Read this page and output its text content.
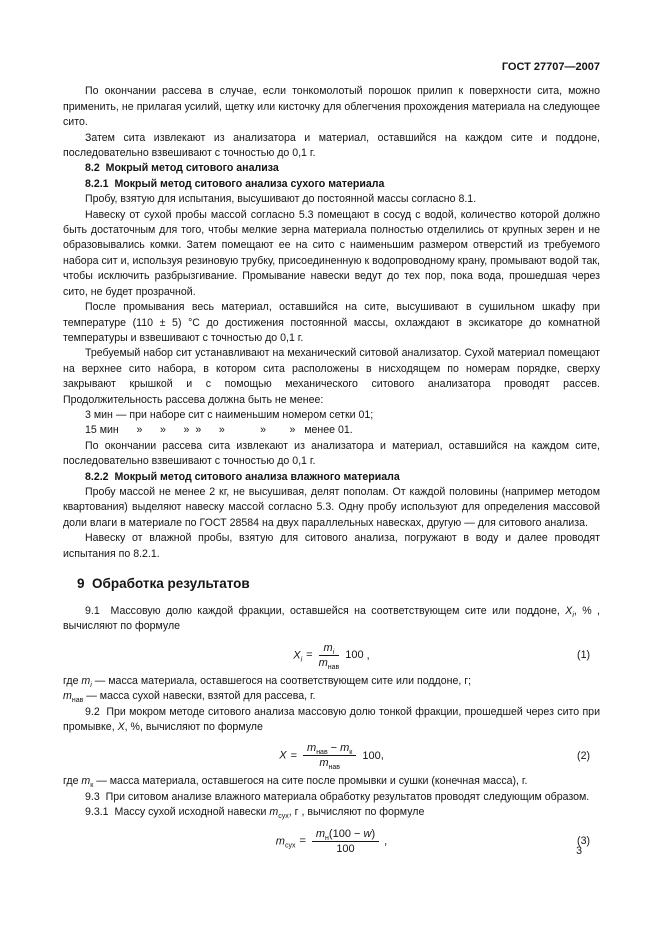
ГОСТ 27707—2007

По окончании рассева в случае, если тонкомолотый порошок прилип к поверхности сита, можно применить, не прилагая усилий, щетку или кисточку для облегчения прохождения материала на следующее сито.

Затем сита извлекают из анализатора и материал, оставшийся на каждом сите и поддоне, последовательно взвешивают с точностью до 0,1 г.

8.2  Мокрый метод ситового анализа

8.2.1  Мокрый метод ситового анализа сухого материала

Пробу, взятую для испытания, высушивают до постоянной массы согласно 8.1.

Навеску от сухой пробы массой согласно 5.3 помещают в сосуд с водой, количество которой должно быть достаточным для того, чтобы мелкие зерна материала полностью отделились от крупных зерен и не образовывались комки. Затем помещают ее на сито с наименьшим размером отверстий из требуемого набора сит и, используя резиновую трубку, присоединенную к водопроводному крану, промывают водой так, чтобы исключить разбрызгивание. Промывание навески ведут до тех пор, пока вода, прошедшая через сито, не будет прозрачной.

После промывания весь материал, оставшийся на сите, высушивают в сушильном шкафу при температуре (110 ± 5) °С до достижения постоянной массы, охлаждают в эксикаторе до комнатной температуры и взвешивают с точностью до 0,1 г.

Требуемый набор сит устанавливают на механический ситовой анализатор. Сухой материал помещают на верхнее сито набора, в котором сита расположены в нисходящем по номерам порядке, сверху закрывают крышкой и с помощью механического ситового анализатора проводят рассев. Продолжительность рассева должна быть не менее:

3 мин — при наборе сит с наименьшим номером сетки 01;

15 мин      »      »      »  »      »            »        »   менее 01.

По окончании рассева сита извлекают из анализатора и материал, оставшийся на каждом сите, последовательно взвешивают с точностью до 0,1 г.

8.2.2  Мокрый метод ситового анализа влажного материала

Пробу массой не менее 2 кг, не высушивая, делят пополам. От каждой половины (например методом квартования) выделяют навеску массой согласно 5.3. Одну пробу используют для определения массовой доли влаги в материале по ГОСТ 28584 на двух параллельных навесках, другую — для ситового анализа.

Навеску от влажной пробы, взятую для ситового анализа, погружают в воду и далее проводят испытания по 8.2.1.

9  Обработка результатов

9.1  Массовую долю каждой фракции, оставшейся на соответствующем сите или поддоне, $X_i$, % , вычисляют по формуле

$X_i = \frac{m_i}{m_{нав}} 100$ ,	(1)

где $m_i$ — масса материала, оставшегося на соответствующем сите или поддоне, г;

$m_{нав}$ — масса сухой навески, взятой для рассева, г.

9.2  При мокром методе ситового анализа массовую долю тонкой фракции, прошедшей через сито при промывке, X, %, вычисляют по формуле

$X = \frac{m_{нав} - m_к}{m_{нав}} 100$,	(2)

где $m_к$ — масса материала, оставшегося на сите после промывки и сушки (конечная масса), г.

9.3  При ситовом анализе влажного материала обработку результатов проводят следующим образом.

9.3.1  Массу сухой исходной навески $m_{сух}$, г , вычисляют по формуле

$m_{сух} = \frac{m_н(100 - w)}{100}$ ,	(3)
3
